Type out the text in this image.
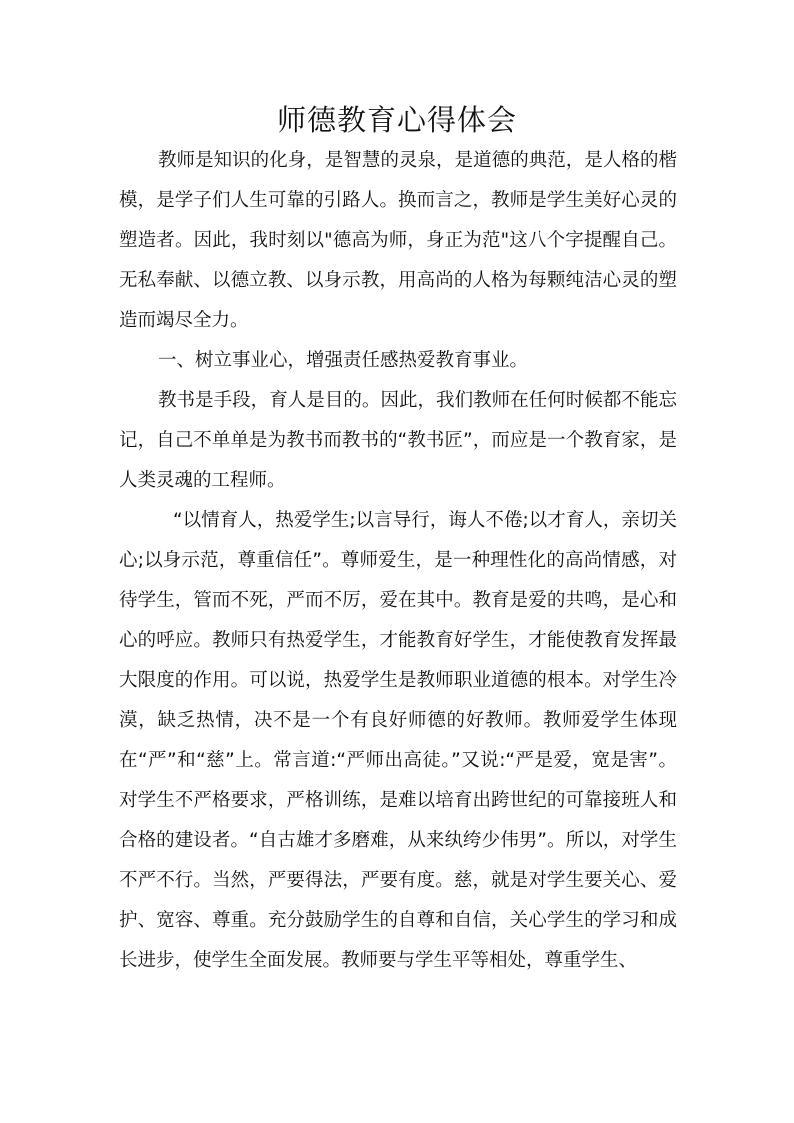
师德教育心得体会

教师是知识的化身，是智慧的灵泉，是道德的典范，是人格的楷模，是学子们人生可靠的引路人。换而言之，教师是学生美好心灵的塑造者。因此，我时刻以"德高为师，身正为范"这八个字提醒自己。无私奉献、以德立教、以身示教，用高尚的人格为每颗纯洁心灵的塑造而竭尽全力。

一、树立事业心，增强责任感热爱教育事业。

教书是手段，育人是目的。因此，我们教师在任何时候都不能忘记，自己不单单是为教书而教书的“教书匠”，而应是一个教育家，是人类灵魂的工程师。

“以情育人，热爱学生;以言导行，诲人不倦;以才育人，亲切关心;以身示范，尊重信任”。尊师爱生，是一种理性化的高尚情感，对待学生，管而不死，严而不厉，爱在其中。教育是爱的共鸣，是心和心的呼应。教师只有热爱学生，才能教育好学生，才能使教育发挥最大限度的作用。可以说，热爱学生是教师职业道德的根本。对学生冷漠，缺乏热情，决不是一个有良好师德的好教师。教师爱学生体现在“严”和“慈”上。常言道:“严师出高徒。”又说:“严是爱，宽是害”。对学生不严格要求，严格训练，是难以培育出跨世纪的可靠接班人和合格的建设者。“自古雄才多磨难，从来纨绔少伟男”。所以，对学生不严不行。当然，严要得法，严要有度。慈，就是对学生要关心、爱护、宽容、尊重。充分鼓励学生的自尊和自信，关心学生的学习和成长进步，使学生全面发展。教师要与学生平等相处，尊重学生、
